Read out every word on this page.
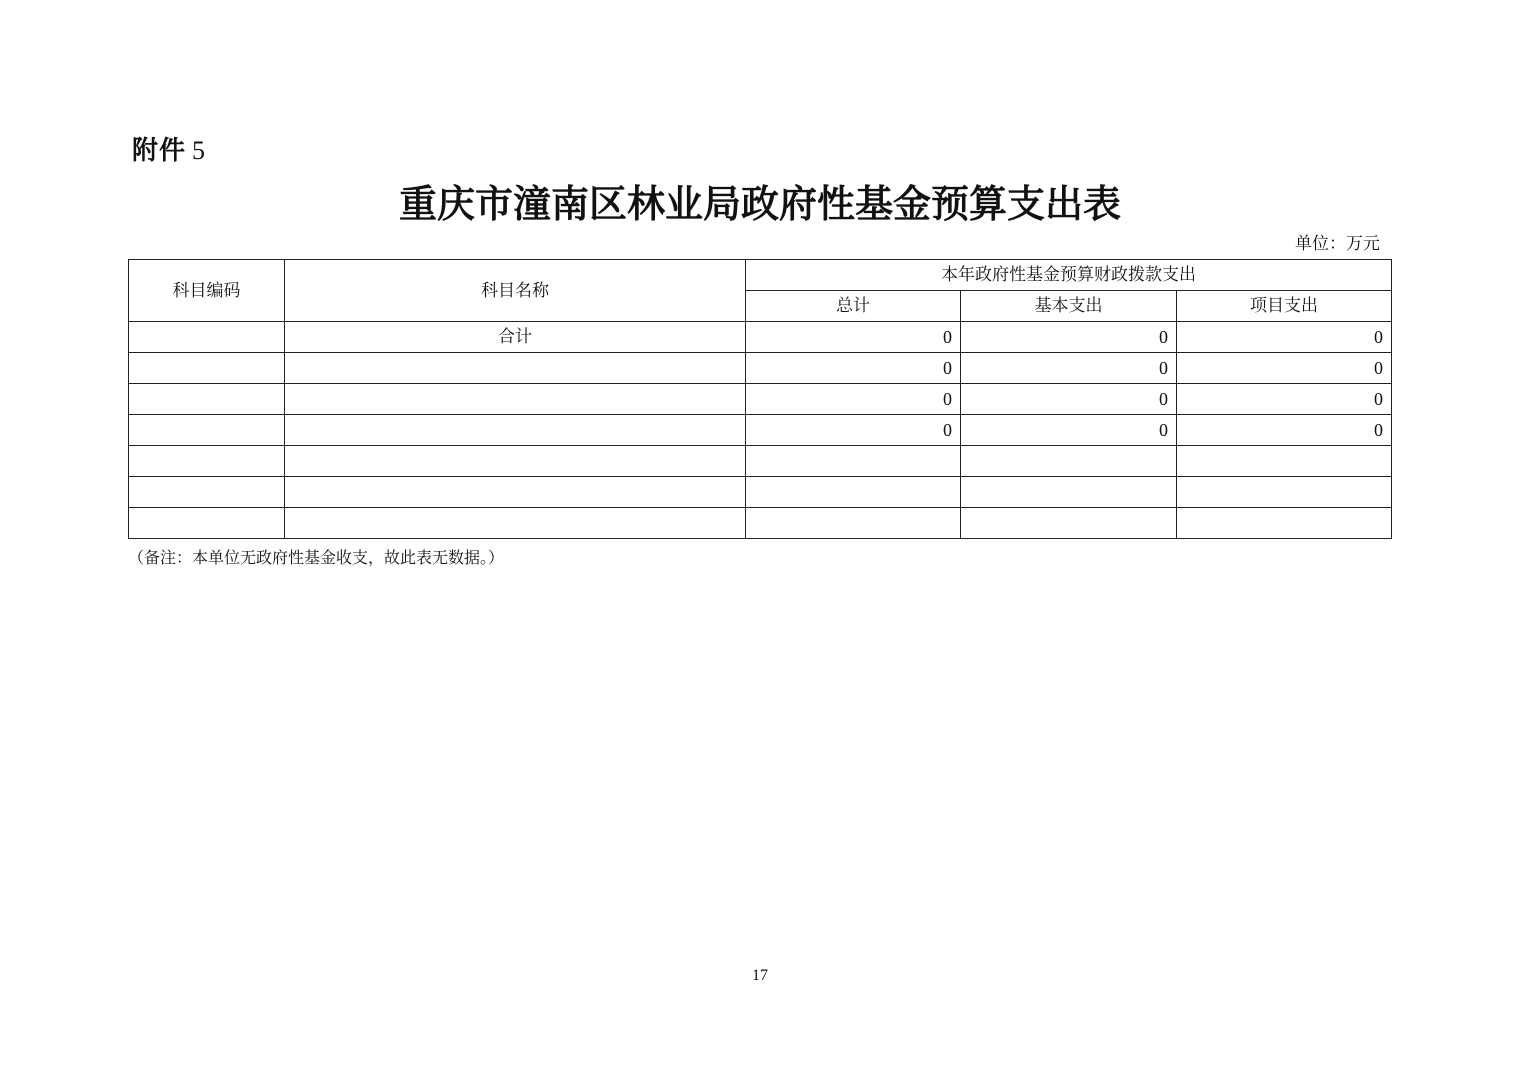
附件 5
重庆市潼南区林业局政府性基金预算支出表
单位：万元
科目编码	科目名称	本年政府性基金预算财政拨款支出		
		总计	基本支出	项目支出
	合计	0	0	0
		0	0	0
		0	0	0
		0	0	0

（备注：本单位无政府性基金收支，故此表无数据。）
17
